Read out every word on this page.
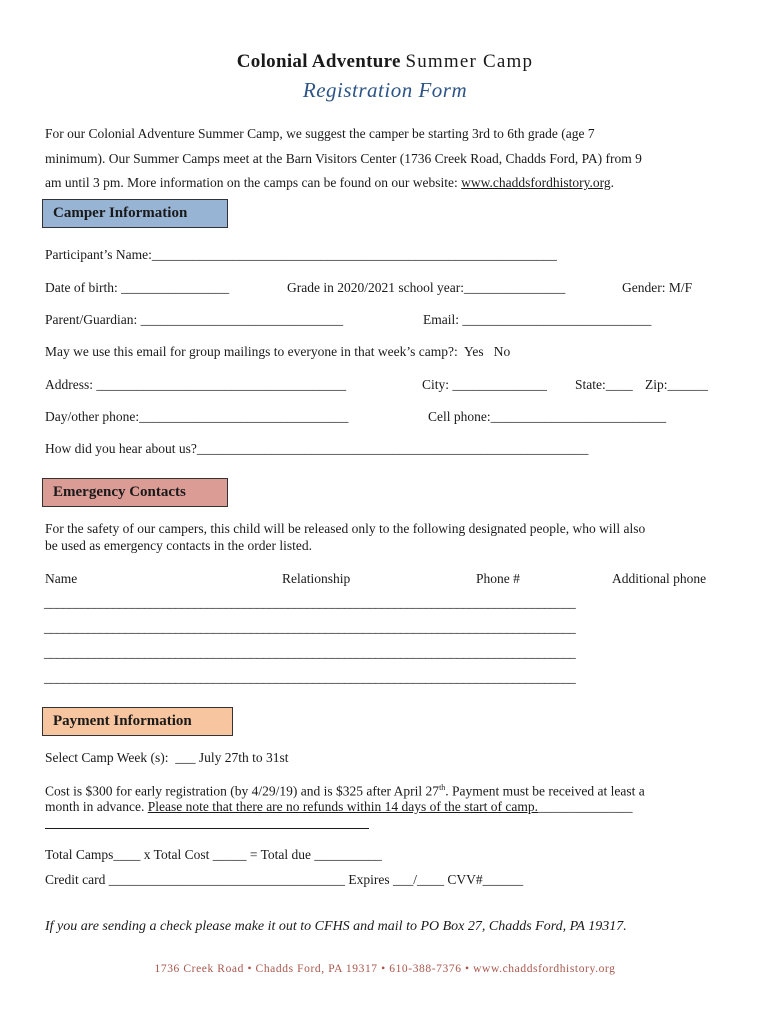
Colonial Adventure Summer Camp
Registration Form
For our Colonial Adventure Summer Camp, we suggest the camper be starting 3rd to 6th grade (age 7
minimum). Our Summer Camps meet at the Barn Visitors Center (1736 Creek Road, Chadds Ford, PA) from 9
am until 3 pm. More information on the camps can be found on our website: www.chaddsfordhistory.org.
Camper Information
Participant’s Name:____________________________________________________________
Date of birth: ________________	Grade in 2020/2021 school year:_______________	Gender: M/F
Parent/Guardian: ______________________________	Email: ____________________________
May we use this email for group mailings to everyone in that week’s camp?:  Yes   No
Address: _____________________________________	City: ______________ State:____ Zip:______
Day/other phone:_______________________________	Cell phone:__________________________
How did you hear about us?__________________________________________________________
Emergency Contacts
For the safety of our campers, this child will be released only to the following designated people, who will also
be used as emergency contacts in the order listed.
Name	Relationship	Phone #	Additional phone
_____________________________________________________________________________________
_____________________________________________________________________________________
_____________________________________________________________________________________
_____________________________________________________________________________________
Payment Information
Select Camp Week (s):  ___ July 27th to 31st
Cost is $300 for early registration (by 4/29/19) and is $325 after April 27th. Payment must be received at least a
month in advance. Please note that there are no refunds within 14 days of the start of camp.______________
Total Camps____ x Total Cost _____ = Total due __________
Credit card ___________________________________ Expires ___/____ CVV#______
If you are sending a check please make it out to CFHS and mail to PO Box 27, Chadds Ford, PA 19317.
1736 Creek Road • Chadds Ford, PA 19317 • 610-388-7376 • www.chaddsfordhistory.org
